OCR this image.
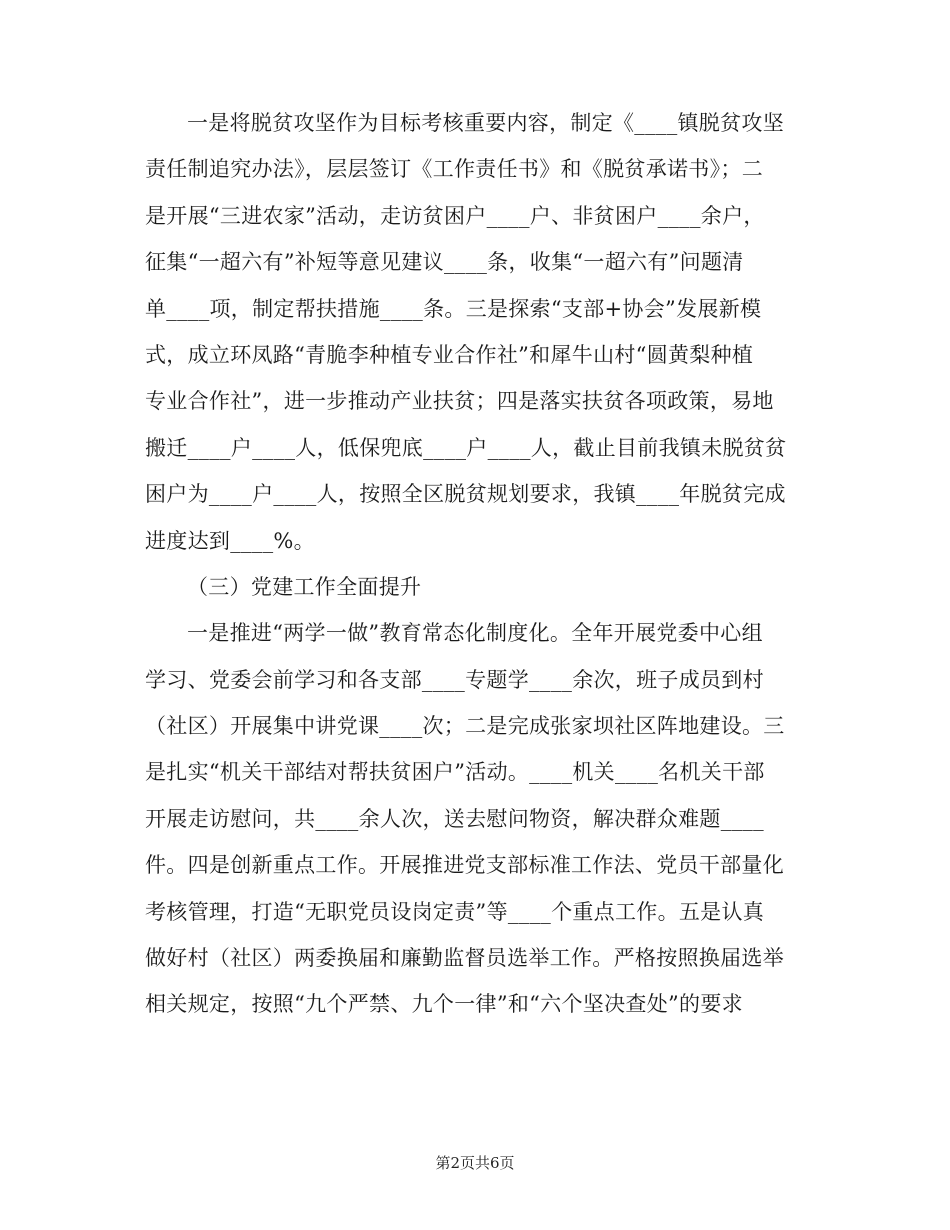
一是将脱贫攻坚作为目标考核重要内容，制定《____镇脱贫攻坚
责任制追究办法》，层层签订《工作责任书》和《脱贫承诺书》；二
是开展“三进农家”活动，走访贫困户____户、非贫困户____余户，
征集“一超六有”补短等意见建议____条，收集“一超六有”问题清
单____项，制定帮扶措施____条。三是探索“支部+协会”发展新模
式，成立环凤路“青脆李种植专业合作社”和犀牛山村“圆黄梨种植
专业合作社”，进一步推动产业扶贫；四是落实扶贫各项政策，易地
搬迁____户____人，低保兜底____户____人，截止目前我镇未脱贫贫
困户为____户____人，按照全区脱贫规划要求，我镇____年脱贫完成
进度达到____%。
（三）党建工作全面提升
一是推进“两学一做”教育常态化制度化。全年开展党委中心组
学习、党委会前学习和各支部____专题学____余次，班子成员到村
（社区）开展集中讲党课____次；二是完成张家坝社区阵地建设。三
是扎实“机关干部结对帮扶贫困户”活动。____机关____名机关干部
开展走访慰问，共____余人次，送去慰问物资，解决群众难题____
件。四是创新重点工作。开展推进党支部标准工作法、党员干部量化
考核管理，打造“无职党员设岗定责”等____个重点工作。五是认真
做好村（社区）两委换届和廉勤监督员选举工作。严格按照换届选举
相关规定，按照“九个严禁、九个一律”和“六个坚决查处”的要求
第2页共6页
